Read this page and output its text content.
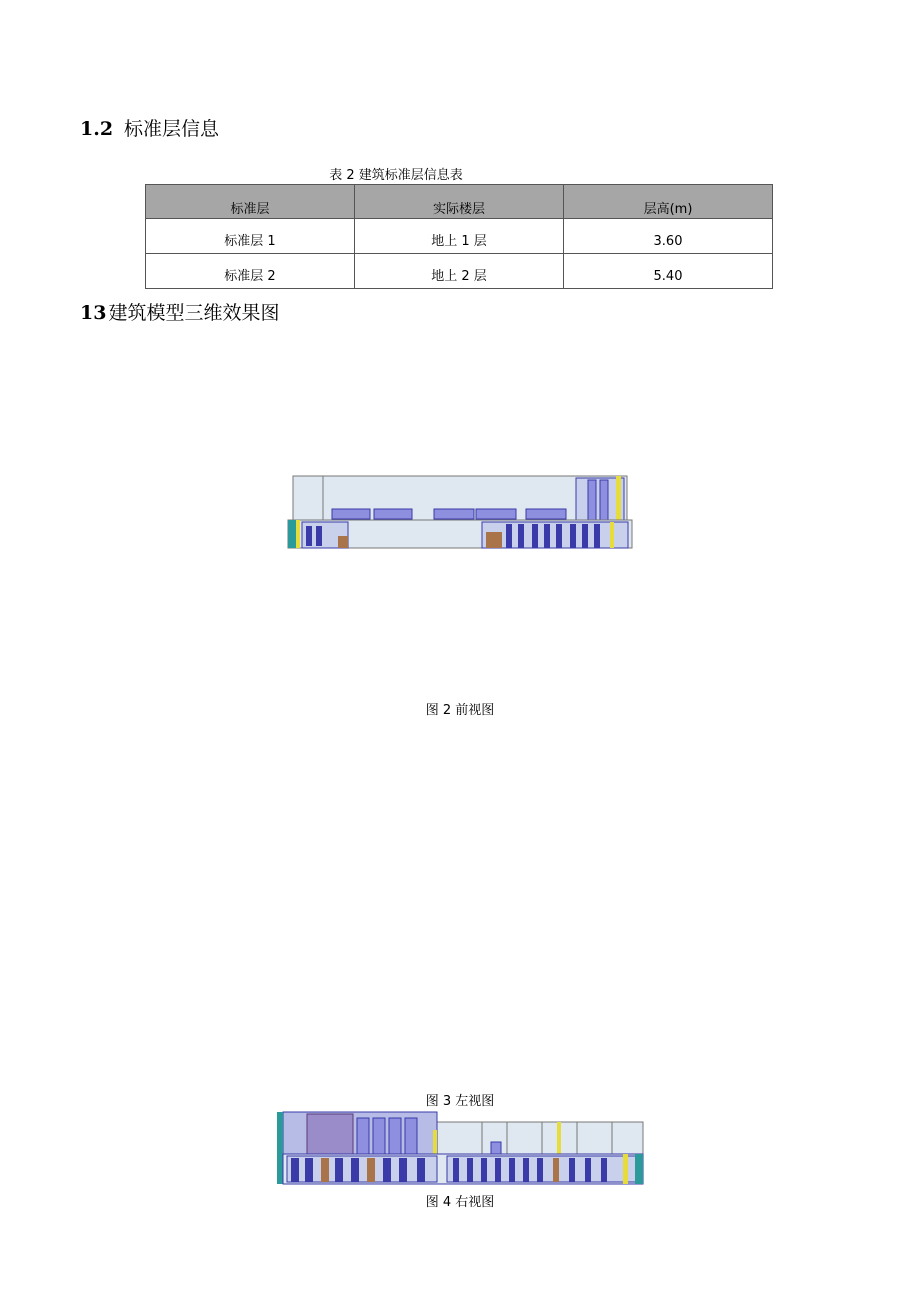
1.2 标准层信息
表 2 建筑标准层信息表
标准层	实际楼层	层高(m)
标准层 1	地上 1 层	3.60
标准层 2	地上 2 层	5.40
13 建筑模型三维效果图
图 2 前视图
图 3 左视图
图 4 右视图
